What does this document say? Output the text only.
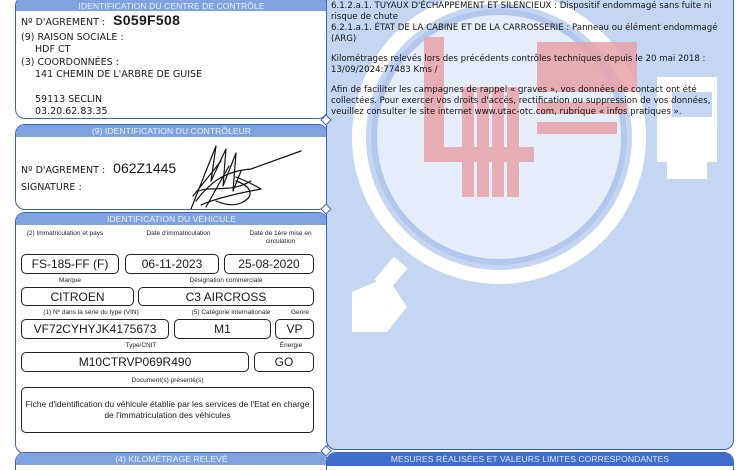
IDENTIFICATION DU CENTRE DE CONTRÔLE
Nº D'AGREMENT : S059F508
(9) RAISON SOCIALE :
HDF CT
(3) COORDONNÉES :
141 CHEMIN DE L'ARBRE DE GUISE
59113 SECLIN
03.20.62.83.35
(9) IDENTIFICATION DU CONTRÔLEUR
Nº D'AGREMENT : 062Z1445
SIGNATURE :
IDENTIFICATION DU VÉHICULE
(2) Immatriculation et pays	Date d'immatriculation	Date de 1ère mise en circulation
FS-185-FF (F)	06-11-2023	25-08-2020
Marque	Désignation commerciale
CITROEN	C3 AIRCROSS
(1) Nº dans la série du type (VIN)	(5) Catégorie internationale	Genre
VF72CYHYJK4175673	M1	VP
Type/CNIT	Énergie
M10CTRVP069R490	GO
Document(s) présenté(s)
Fiche d'identification du véhicule établie par les services de l'Etat en charge de l'immatriculation des véhicules
(4) KILOMÉTRAGE RELEVÉ

6.1.2.a.1. TUYAUX D'ÉCHAPPEMENT ET SILENCIEUX : Dispositif endommagé sans fuite ni risque de chute

6.2.1.a.1. ÉTAT DE LA CABINE ET DE LA CARROSSERIE : Panneau ou élément endommagé (ARG)

Kilométrages relevés lors des précédents contrôles techniques depuis le 20 mai 2018 : 13/09/2024:77483 Kms /

Afin de faciliter les campagnes de rappel « graves », vos données de contact ont été collectées. Pour exercer vos droits d'accès, rectification ou suppression de vos données, veuillez consulter le site internet www.utac-otc.com, rubrique « infos pratiques ».

MESURES RÉALISÉES ET VALEURS LIMITES CORRESPONDANTES
